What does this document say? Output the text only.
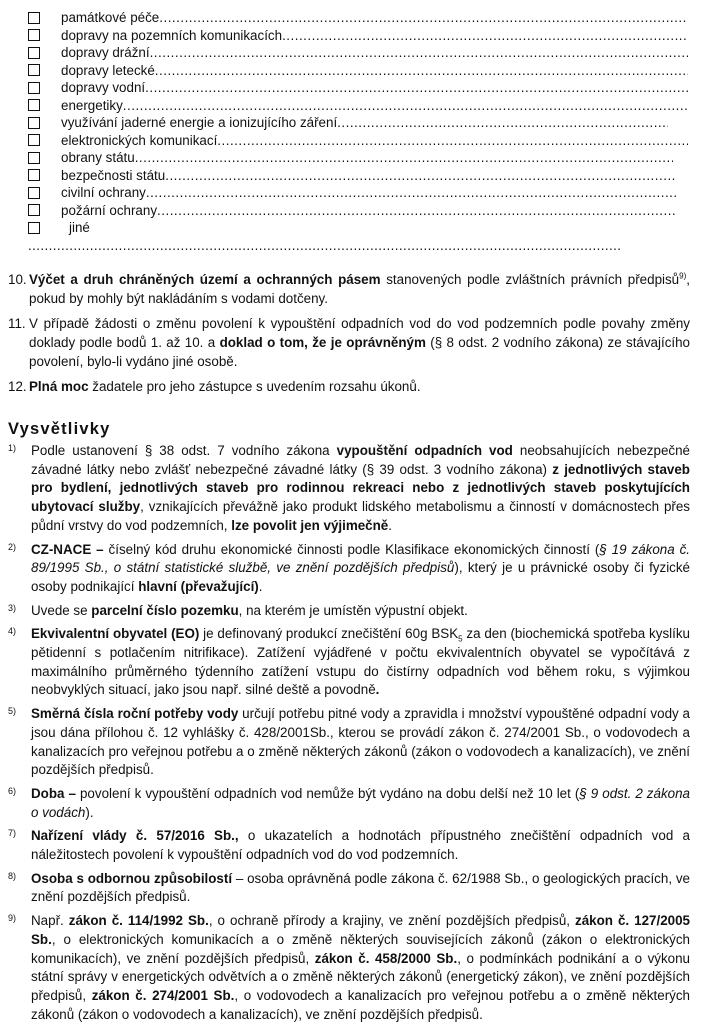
památkové péče
.....
dopravy na pozemních komunikacích
.....
dopravy drážní
.....
dopravy letecké
.....
dopravy vodní
.....
energetiky
.....
využívání jaderné energie a ionizujícího záření
.....
elektronických komunikací
.....
obrany státu
.....
bezpečnosti státu
.....
civilní ochrany
.....
požární ochrany
.....
jiné
.....
10. Výčet a druh chráněných území a ochranných pásem stanovených podle zvláštních právních předpisů$^{9)}$, pokud by mohly být nakládáním s vodami dotčeny.
11. V případě žádosti o změnu povolení k vypouštění odpadních vod do vod podzemních podle povahy změny doklady podle bodů 1. až 10. a doklad o tom, že je oprávněným (§ 8 odst. 2 vodního zákona) ze stávajícího povolení, bylo-li vydáno jiné osobě.
12. Plná moc žadatele pro jeho zástupce s uvedením rozsahu úkonů.
Vysvětlivky
1)	Podle ustanovení § 38 odst. 7 vodního zákona vypouštění odpadních vod neobsahujících nebezpečné závadné látky nebo zvlášť nebezpečné závadné látky (§ 39 odst. 3 vodního zákona) z jednotlivých staveb pro bydlení, jednotlivých staveb pro rodinnou rekreaci nebo z jednotlivých staveb poskytujících ubytovací služby, vznikajících převážně jako produkt lidského metabolismu a činností v domácnostech přes půdní vrstvy do vod podzemních, lze povolit jen výjimečně.
2)	CZ-NACE – číselný kód druhu ekonomické činnosti podle Klasifikace ekonomických činností (§ 19 zákona č. 89/1995 Sb., o státní statistické službě, ve znění pozdějších předpisů), který je u právnické osoby či fyzické osoby podnikající hlavní (převažující).
3)	Uvede se parcelní číslo pozemku, na kterém je umístěn výpustní objekt.
4)	Ekvivalentní obyvatel (EO) je definovaný produkcí znečištění 60g $BSK_5$ za den (biochemická spotřeba kyslíku pětidenní s potlačením nitrifikace). Zatížení vyjádřené v počtu ekvivalentních obyvatel se vypočítává z maximálního průměrného týdenního zatížení vstupu do čistírny odpadních vod během roku, s výjimkou neobvyklých situací, jako jsou např. silné deště a povodně.
5)	Směrná čísla roční potřeby vody určují potřebu pitné vody a zpravidla i množství vypouštěné odpadní vody a jsou dána přílohou č. 12 vyhlášky č. 428/2001Sb., kterou se provádí zákon č. 274/2001 Sb., o vodovodech a kanalizacích pro veřejnou potřebu a o změně některých zákonů (zákon o vodovodech a kanalizacích), ve znění pozdějších předpisů.
6)	Doba – povolení k vypouštění odpadních vod nemůže být vydáno na dobu delší než 10 let (§ 9 odst. 2 zákona o vodách).
7)	Nařízení vlády č. 57/2016 Sb., o ukazatelích a hodnotách přípustného znečištění odpadních vod a náležitostech povolení k vypouštění odpadních vod do vod podzemních.
8)	Osoba s odbornou způsobilostí – osoba oprávněná podle zákona č. 62/1988 Sb., o geologických pracích, ve znění pozdějších předpisů.
9)	Např. zákon č. 114/1992 Sb., o ochraně přírody a krajiny, ve znění pozdějších předpisů, zákon č. 127/2005 Sb., o elektronických komunikacích a o změně některých souvisejících zákonů (zákon o elektronických komunikacích), ve znění pozdějších předpisů, zákon č. 458/2000 Sb., o podmínkách podnikání a o výkonu státní správy v energetických odvětvích a o změně některých zákonů (energetický zákon), ve znění pozdějších předpisů, zákon č. 274/2001 Sb., o vodovodech a kanalizacích pro veřejnou potřebu a o změně některých zákonů (zákon o vodovodech a kanalizacích), ve znění pozdějších předpisů.
